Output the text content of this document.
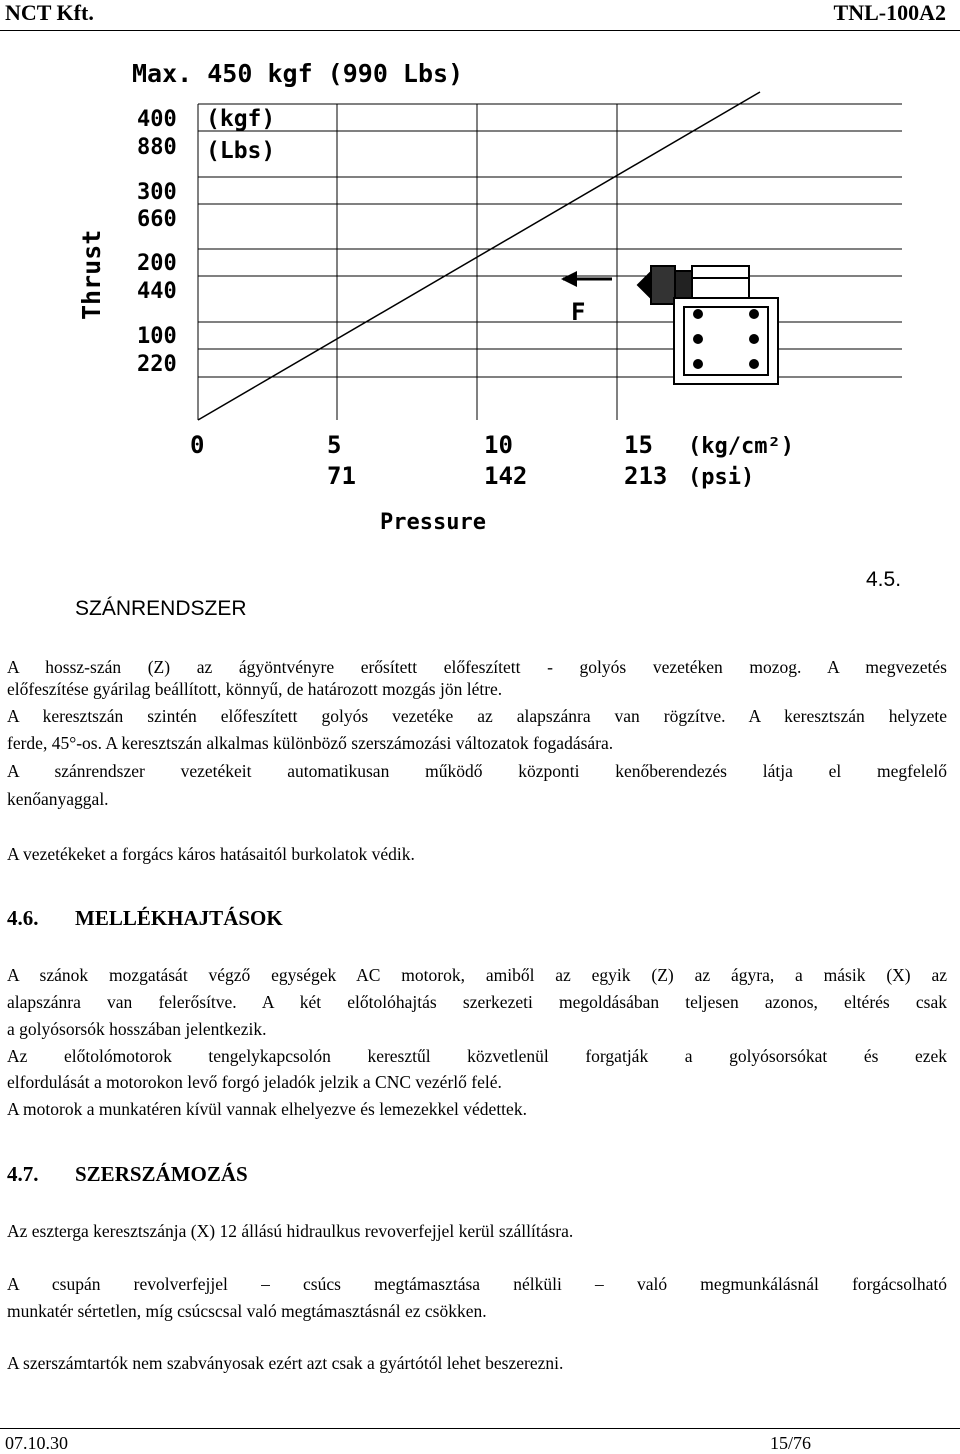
NCT Kft.	TNL-100A2
Max. 450 kgf (990 Lbs)
(kgf)
(Lbs)
Thrust
400
880
300
660
200
440
100
220
0	5	10	15 (kg/cm²)
71	142	213 (psi)
Pressure
F
4.5.
SZÁNRENDSZER
A hossz-szán (Z) az ágyöntvényre erősített előfeszített - golyós vezetéken mozog. A megvezetés
előfeszítése gyárilag beállított, könnyű, de határozott mozgás jön létre.
A keresztszán szintén előfeszített golyós vezetéke az alapszánra van rögzítve. A keresztszán helyzete
ferde, 45°-os. A keresztszán alkalmas különböző szerszámozási változatok fogadására.
A szánrendszer vezetékeit automatikusan működő központi kenőberendezés látja el megfelelő
kenőanyaggal.
A vezetékeket a forgács káros hatásaitól burkolatok védik.
4.6. MELLÉKHAJTÁSOK
A szánok mozgatását végző egységek AC motorok, amiből az egyik (Z) az ágyra, a másik (X) az
alapszánra van felerősítve. A két előtolóhajtás szerkezeti megoldásában teljesen azonos, eltérés csak
a golyósorsók hosszában jelentkezik.
Az előtolómotorok tengelykapcsolón keresztűl közvetlenül forgatják a golyósorsókat és ezek
elfordulását a motorokon levő forgó jeladók jelzik a CNC vezérlő felé.
A motorok a munkatéren kívül vannak elhelyezve és lemezekkel védettek.
4.7. SZERSZÁMOZÁS
Az eszterga keresztszánja (X) 12 állású hidraulkus revoverfejjel kerül szállításra.
A csupán revolverfejjel – csúcs megtámasztása nélküli – való megmunkálásnál forgácsolható
munkatér sértetlen, míg csúcscsal való megtámasztásnál ez csökken.
A szerszámtartók nem szabványosak ezért azt csak a gyártótól lehet beszerezni.
07.10.30	15/76
